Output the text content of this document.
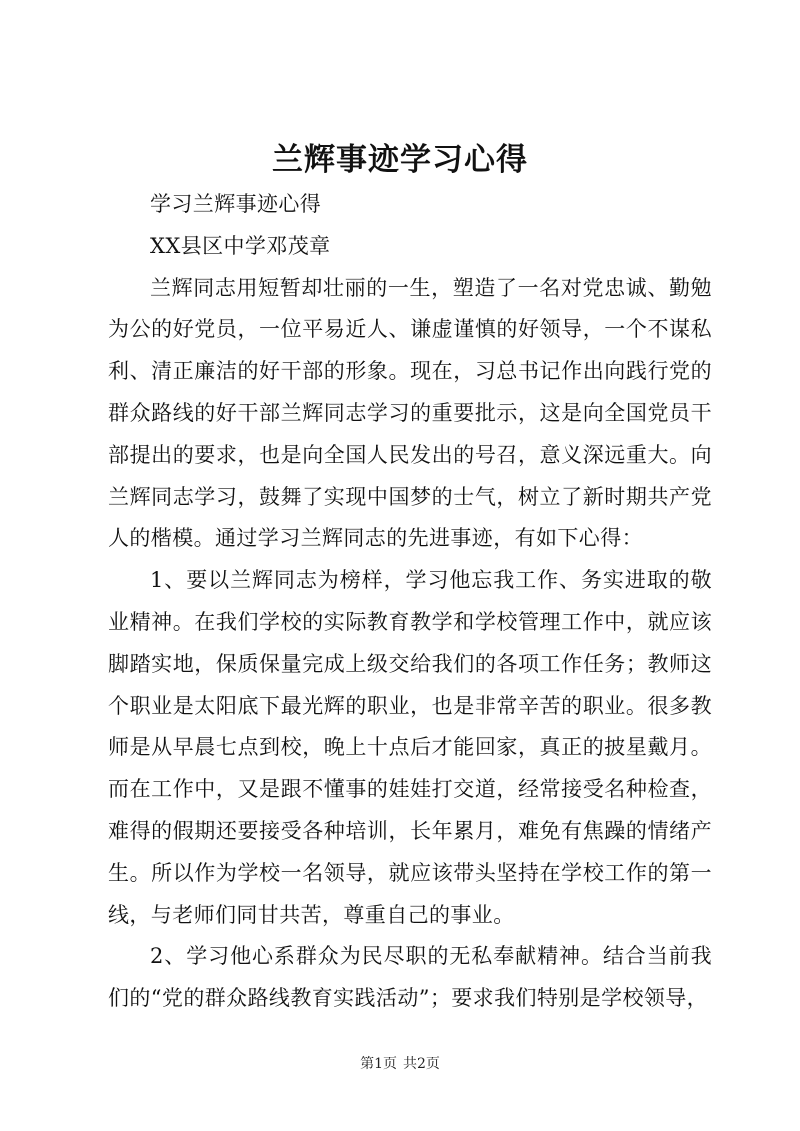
兰辉事迹学习心得

学习兰辉事迹心得

XX县区中学邓茂章

兰辉同志用短暂却壮丽的一生，塑造了一名对党忠诚、勤勉为公的好党员，一位平易近人、谦虚谨慎的好领导，一个不谋私利、清正廉洁的好干部的形象。现在，习总书记作出向践行党的群众路线的好干部兰辉同志学习的重要批示，这是向全国党员干部提出的要求，也是向全国人民发出的号召，意义深远重大。向兰辉同志学习，鼓舞了实现中国梦的士气，树立了新时期共产党人的楷模。通过学习兰辉同志的先进事迹，有如下心得：

1、要以兰辉同志为榜样，学习他忘我工作、务实进取的敬业精神。在我们学校的实际教育教学和学校管理工作中，就应该脚踏实地，保质保量完成上级交给我们的各项工作任务；教师这个职业是太阳底下最光辉的职业，也是非常辛苦的职业。很多教师是从早晨七点到校，晚上十点后才能回家，真正的披星戴月。而在工作中，又是跟不懂事的娃娃打交道，经常接受名种检查，难得的假期还要接受各种培训，长年累月，难免有焦躁的情绪产生。所以作为学校一名领导，就应该带头坚持在学校工作的第一线，与老师们同甘共苦，尊重自己的事业。

2、学习他心系群众为民尽职的无私奉献精神。结合当前我们的“党的群众路线教育实践活动”；要求我们特别是学校领导，

第1页 共2页
